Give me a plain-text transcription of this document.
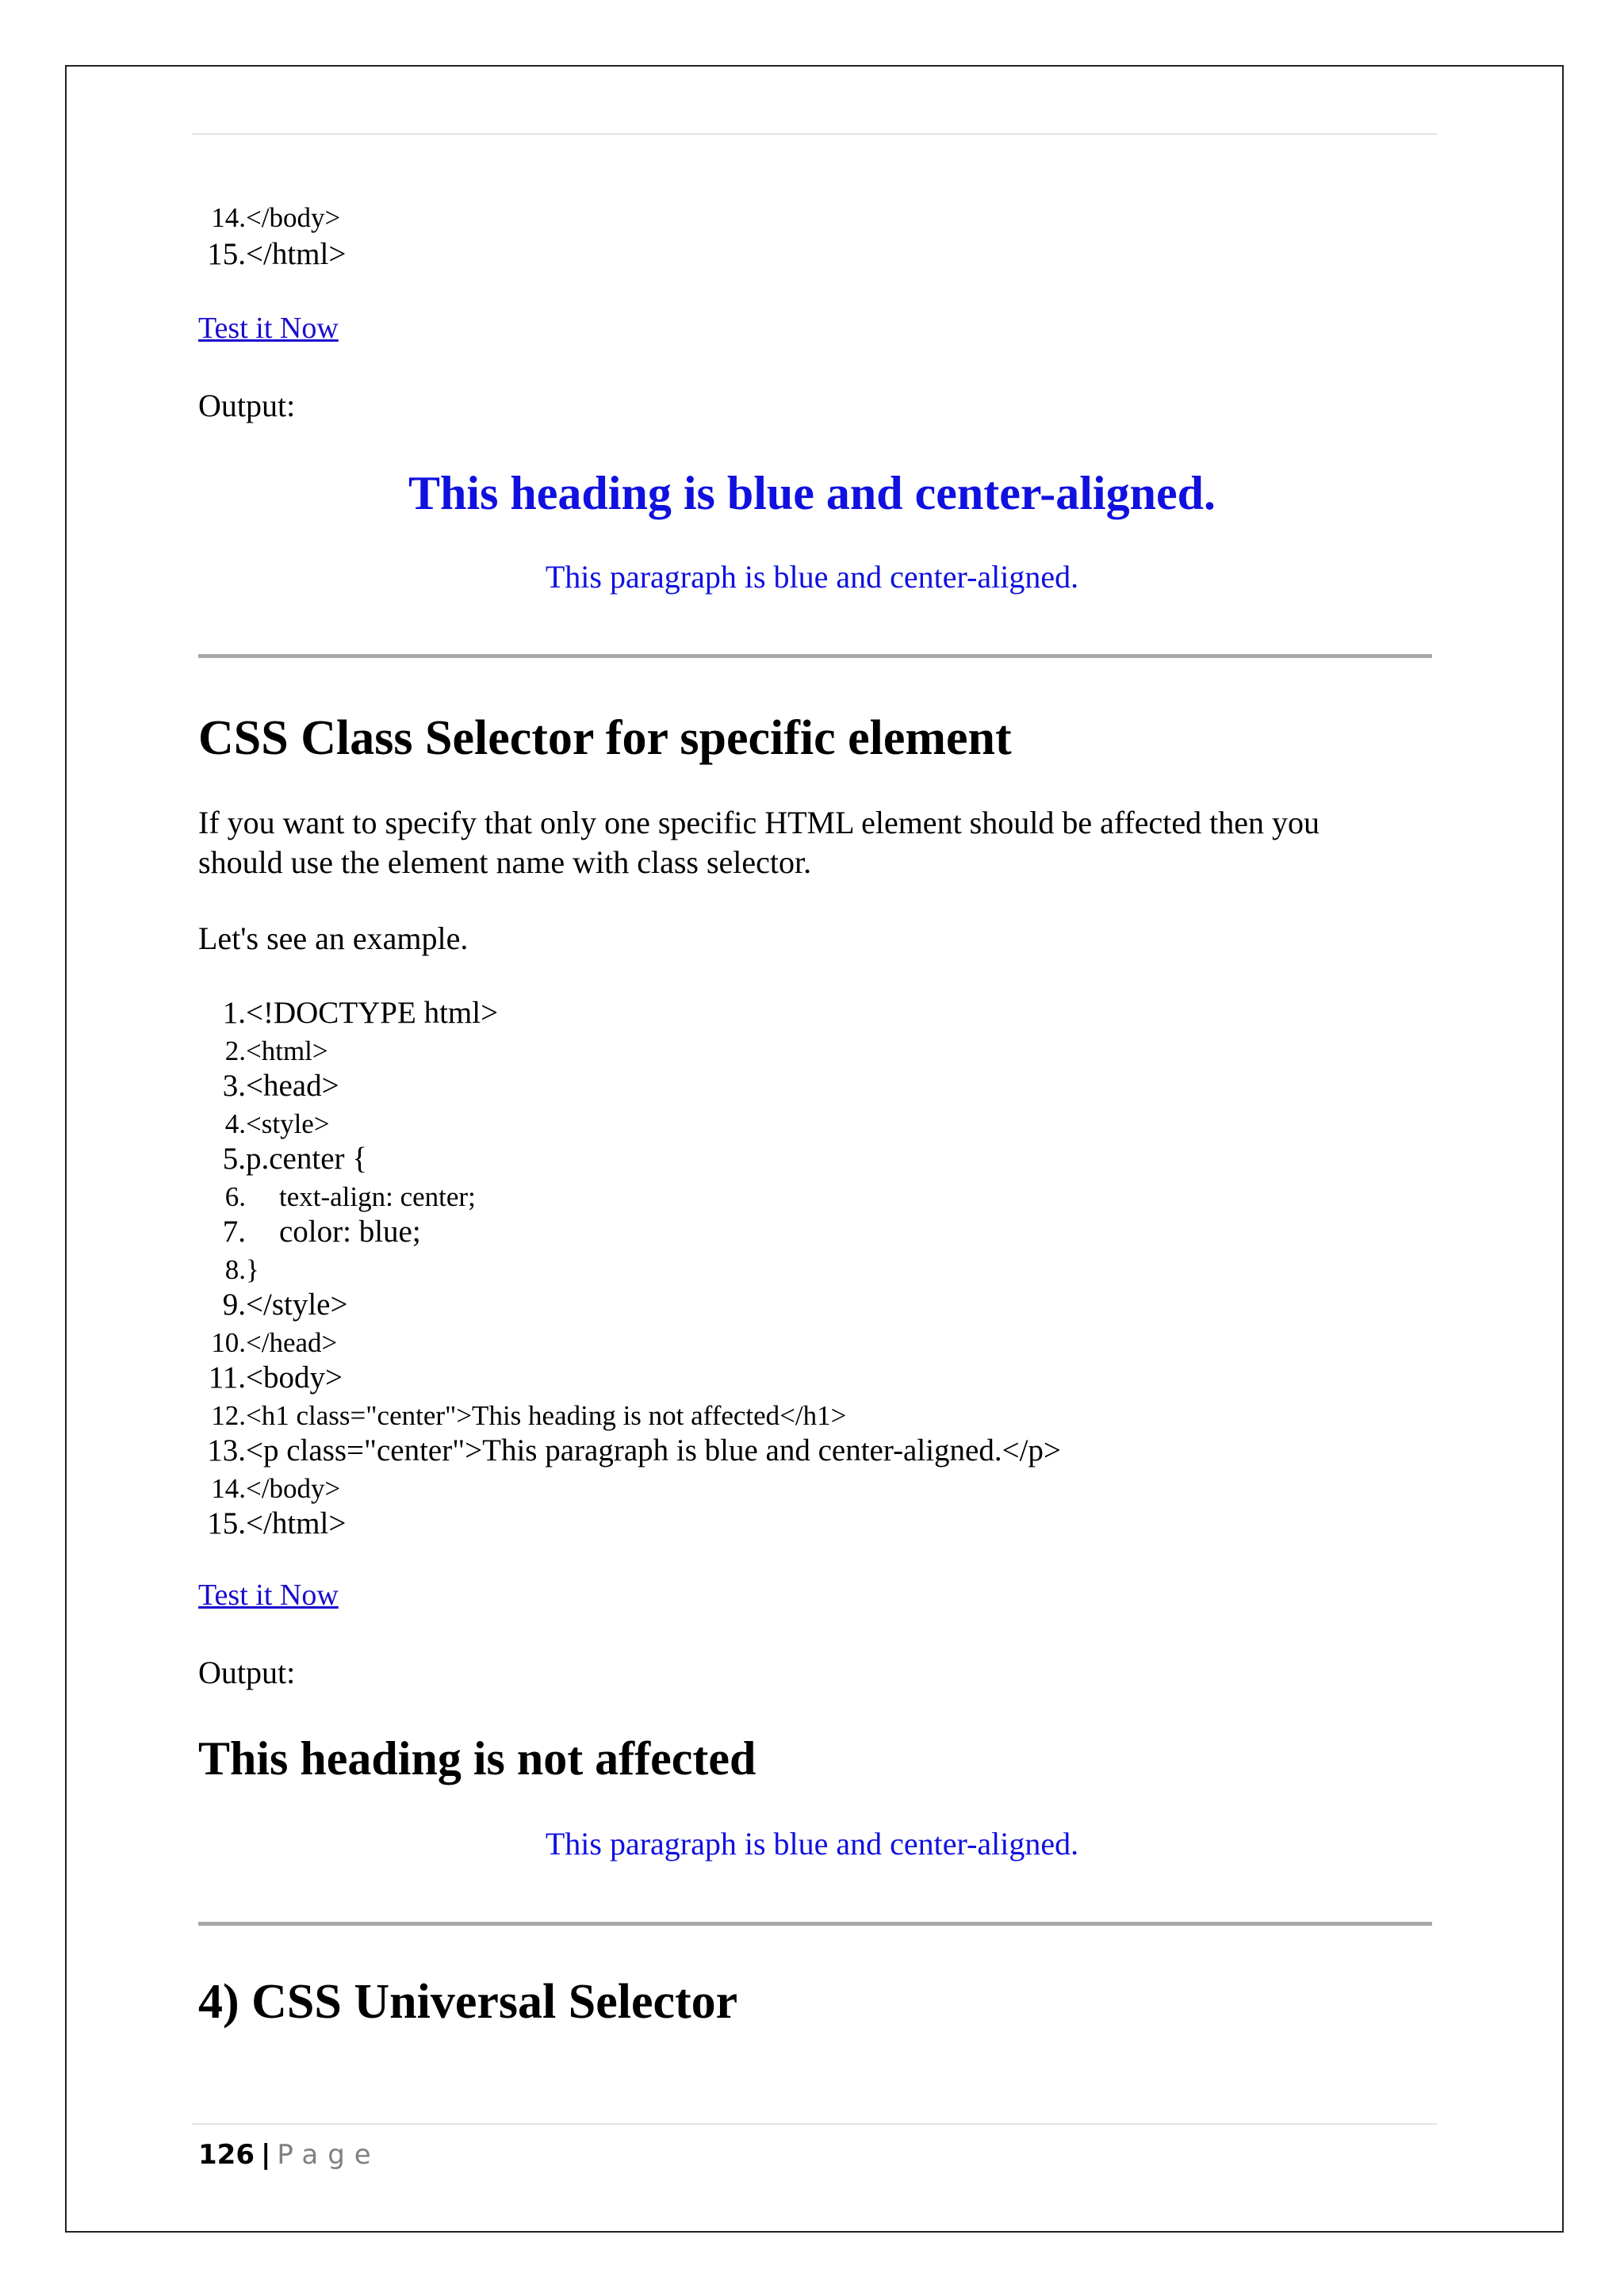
14. </body>
15. </html>
Test it Now
Output:
This heading is blue and center-aligned.
This paragraph is blue and center-aligned.
CSS Class Selector for specific element
If you want to specify that only one specific HTML element should be affected then you
should use the element name with class selector.
Let's see an example.
1. <!DOCTYPE html>
2. <html>
3. <head>
4. <style>
5. p.center {
6. text-align: center;
7. color: blue;
8. }
9. </style>
10. </head>
11. <body>
12. <h1 class="center">This heading is not affected</h1>
13. <p class="center">This paragraph is blue and center-aligned.</p>
14. </body>
15. </html>
Test it Now
Output:
This heading is not affected
This paragraph is blue and center-aligned.
4) CSS Universal Selector
126 | Page
